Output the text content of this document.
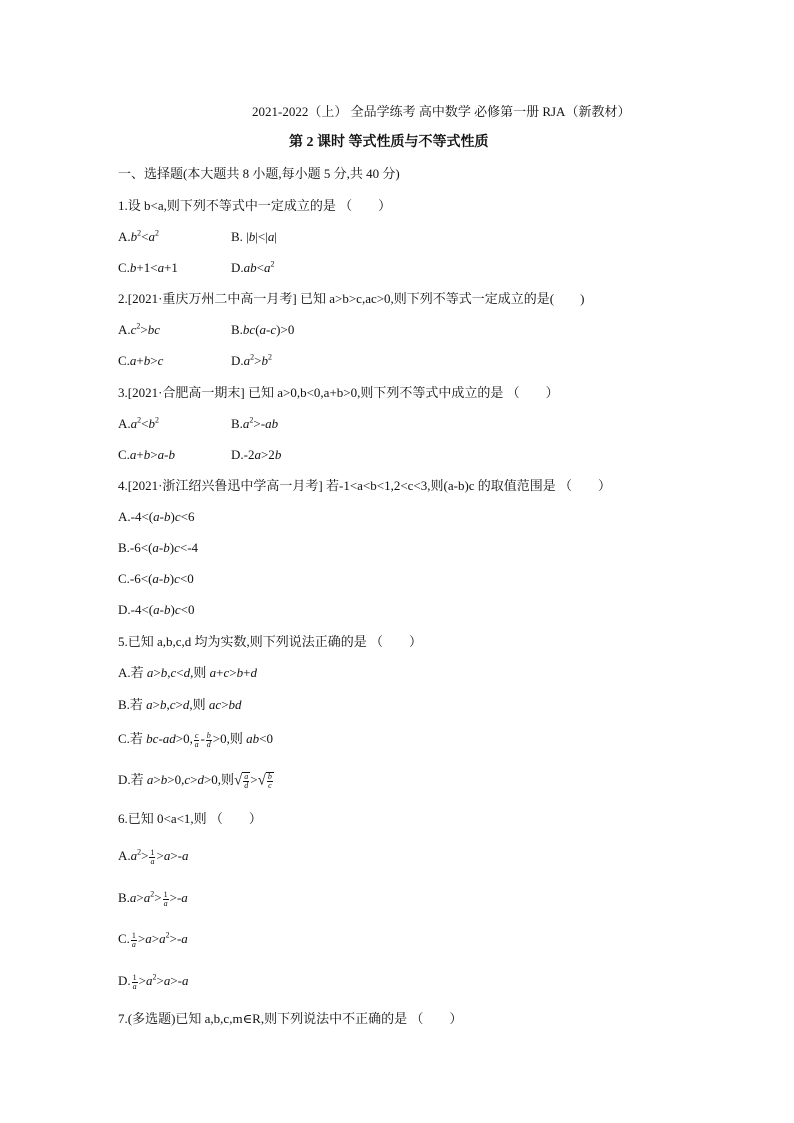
2021-2022（上） 全品学练考 高中数学 必修第一册 RJA（新教材）
第 2 课时 等式性质与不等式性质
一、选择题(本大题共 8 小题,每小题 5 分,共 40 分)
1.设 b<a,则下列不等式中一定成立的是 （　　）
$A.b^2<a^2$	B. |b|<|a|
C.b+1<a+1	$D.ab<a^2$
2.[2021·重庆万州二中高一月考] 已知 a>b>c,ac>0,则下列不等式一定成立的是(　　)
$A.c^2>bc$	B.bc(a-c)>0
C.a+b>c	$D.a^2>b^2$
3.[2021·合肥高一期末] 已知 a>0,b<0,a+b>0,则下列不等式中成立的是 （　　）
$A.a^2<b^2$	$B.a^2>-ab$
C.a+b>a-b	D.-2a>2b
4.[2021·浙江绍兴鲁迅中学高一月考] 若-1<a<b<1,2<c<3,则(a-b)c 的取值范围是 （　　）
A.-4<(a-b)c<6
B.-6<(a-b)c<-4
C.-6<(a-b)c<0
D.-4<(a-b)c<0
5.已知 a,b,c,d 均为实数,则下列说法正确的是 （　　）
A.若 a>b,c<d,则 a+c>b+d
B.若 a>b,c>d,则 ac>bd
C.若 bc-ad>0, $\frac{c}{a} - \frac{b}{d} >0$,则 ab<0
D.若 a>b>0,c>d>0,则√ $\frac{a}{d}$ >√ $\frac{b}{c}$
6.已知 0<a<1,则 （　　）
$A.a^2> \frac{1}{a} >a>-a$
$B.a>a^2> \frac{1}{a} >-a$
C. $\frac{1}{a} >a>a^2>-a$
D. $\frac{1}{a} >a^2>a>-a$
7.(多选题)已知 a,b,c,m∈R,则下列说法中不正确的是 （　　）
